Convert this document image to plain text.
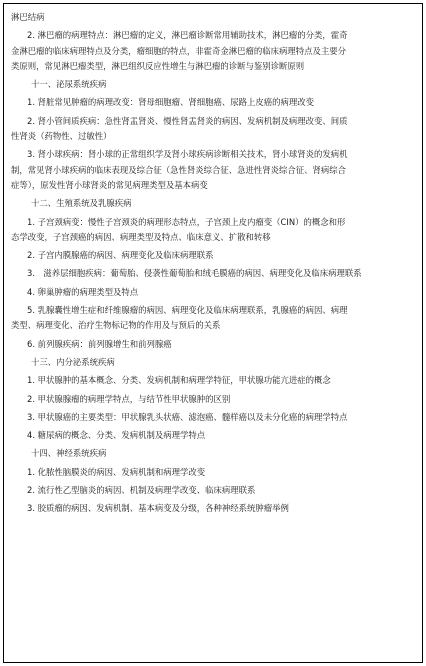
淋巴结病
2. 淋巴瘤的病理特点：淋巴瘤的定义，淋巴瘤诊断常用辅助技术，淋巴瘤的分类，霍奇
金淋巴瘤的临床病理特点及分类，瘤细胞的特点，非霍奇金淋巴瘤的临床病理特点及主要分
类原则，常见淋巴瘤类型，淋巴组织反应性增生与淋巴瘤的诊断与鉴别诊断原则
十一、泌尿系统疾病
1. 肾脏常见肿瘤的病理改变：肾母细胞瘤、肾细胞癌、尿路上皮癌的病理改变
2. 肾小管间质疾病：急性肾盂肾炎、慢性肾盂肾炎的病因、发病机制及病理改变、间质
性肾炎（药物性、过敏性）
3. 肾小球疾病：肾小球的正常组织学及肾小球疾病诊断相关技术，肾小球肾炎的发病机
制，常见肾小球疾病的临床表现及综合征（急性肾炎综合征、急进性肾炎综合征、肾病综合
症等），原发性肾小球肾炎的常见病理类型及基本病变
十二、生殖系统及乳腺疾病
1. 子宫颈病变：慢性子宫颈炎的病理形态特点，子宫颈上皮内瘤变（CIN）的概念和形
态学改变，子宫颈癌的病因、病理类型及特点、临床意义、扩散和转移
2. 子宫内膜腺癌的病因、病理变化及临床病理联系
3.　滋养层细胞疾病：葡萄胎、侵袭性葡萄胎和绒毛膜癌的病因、病理变化及临床病理联系
4. 卵巢肿瘤的病理类型及特点
5. 乳腺囊性增生症和纤维腺瘤的病因、病理变化及临床病理联系，乳腺癌的病因、病理
类型、病理变化、治疗生物标记物的作用及与预后的关系
6. 前列腺疾病：前列腺增生和前列腺癌
十三、内分泌系统疾病
1. 甲状腺肿的基本概念、分类、发病机制和病理学特征，甲状腺功能亢进症的概念
2. 甲状腺腺瘤的病理学特点，与结节性甲状腺肿的区别
3. 甲状腺癌的主要类型：甲状腺乳头状癌、滤泡癌、髓样癌以及未分化癌的病理学特点
4. 糖尿病的概念、分类、发病机制及病理学特点
十四、神经系统疾病
1. 化脓性脑膜炎的病因、发病机制和病理学改变
2. 流行性乙型脑炎的病因、机制及病理学改变、临床病理联系
3. 胶质瘤的病因、发病机制、基本病变及分级，各种神经系统肿瘤举例
